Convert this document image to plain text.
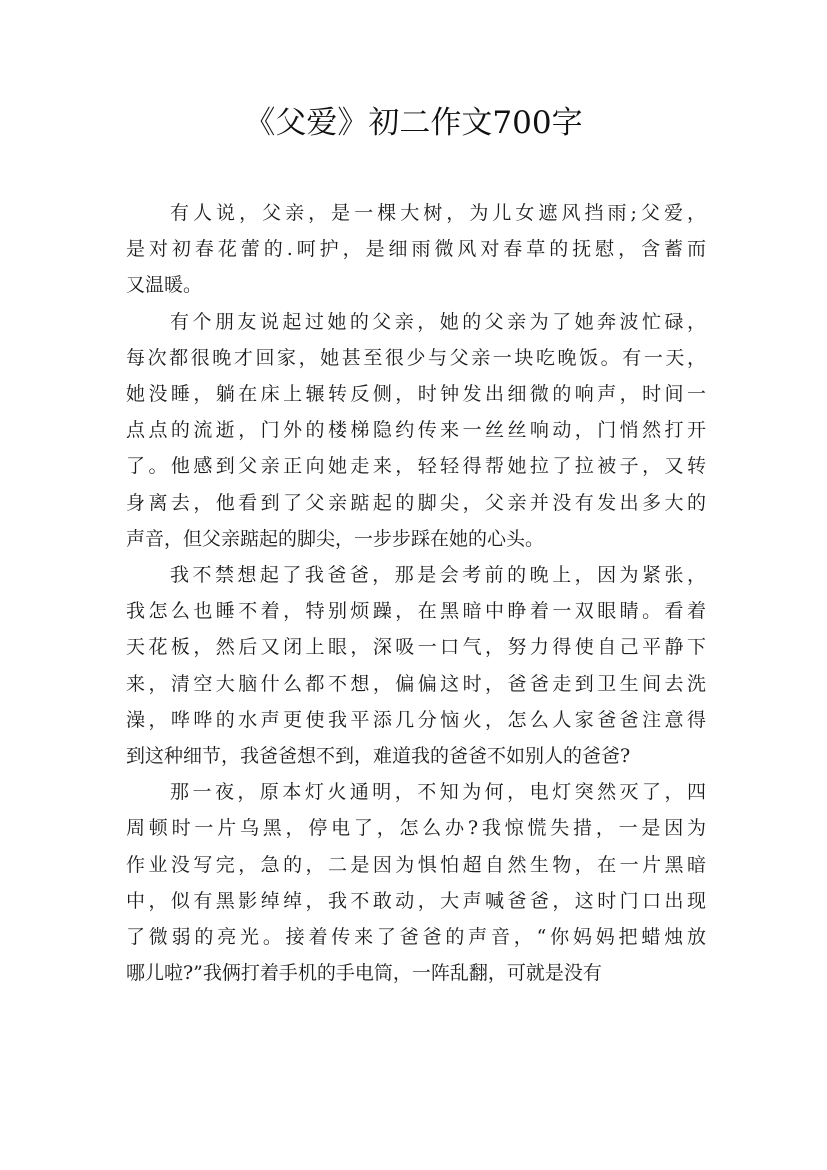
《父爱》初二作文700字
有人说，父亲，是一棵大树，为儿女遮风挡雨;父爱，
是对初春花蕾的.呵护，是细雨微风对春草的抚慰，含蓄而
又温暖。
有个朋友说起过她的父亲，她的父亲为了她奔波忙碌，
每次都很晚才回家，她甚至很少与父亲一块吃晚饭。有一天，
她没睡，躺在床上辗转反侧，时钟发出细微的响声，时间一
点点的流逝，门外的楼梯隐约传来一丝丝响动，门悄然打开
了。他感到父亲正向她走来，轻轻得帮她拉了拉被子，又转
身离去，他看到了父亲踮起的脚尖，父亲并没有发出多大的
声音，但父亲踮起的脚尖，一步步踩在她的心头。
我不禁想起了我爸爸，那是会考前的晚上，因为紧张，
我怎么也睡不着，特别烦躁，在黑暗中睁着一双眼睛。看着
天花板，然后又闭上眼，深吸一口气，努力得使自己平静下
来，清空大脑什么都不想，偏偏这时，爸爸走到卫生间去洗
澡，哗哗的水声更使我平添几分恼火，怎么人家爸爸注意得
到这种细节，我爸爸想不到，难道我的爸爸不如别人的爸爸?
那一夜，原本灯火通明，不知为何，电灯突然灭了，四
周顿时一片乌黑，停电了，怎么办?我惊慌失措，一是因为
作业没写完，急的，二是因为惧怕超自然生物，在一片黑暗
中，似有黑影绰绰，我不敢动，大声喊爸爸，这时门口出现
了微弱的亮光。接着传来了爸爸的声音，“你妈妈把蜡烛放
哪儿啦?”我俩打着手机的手电筒，一阵乱翻，可就是没有
